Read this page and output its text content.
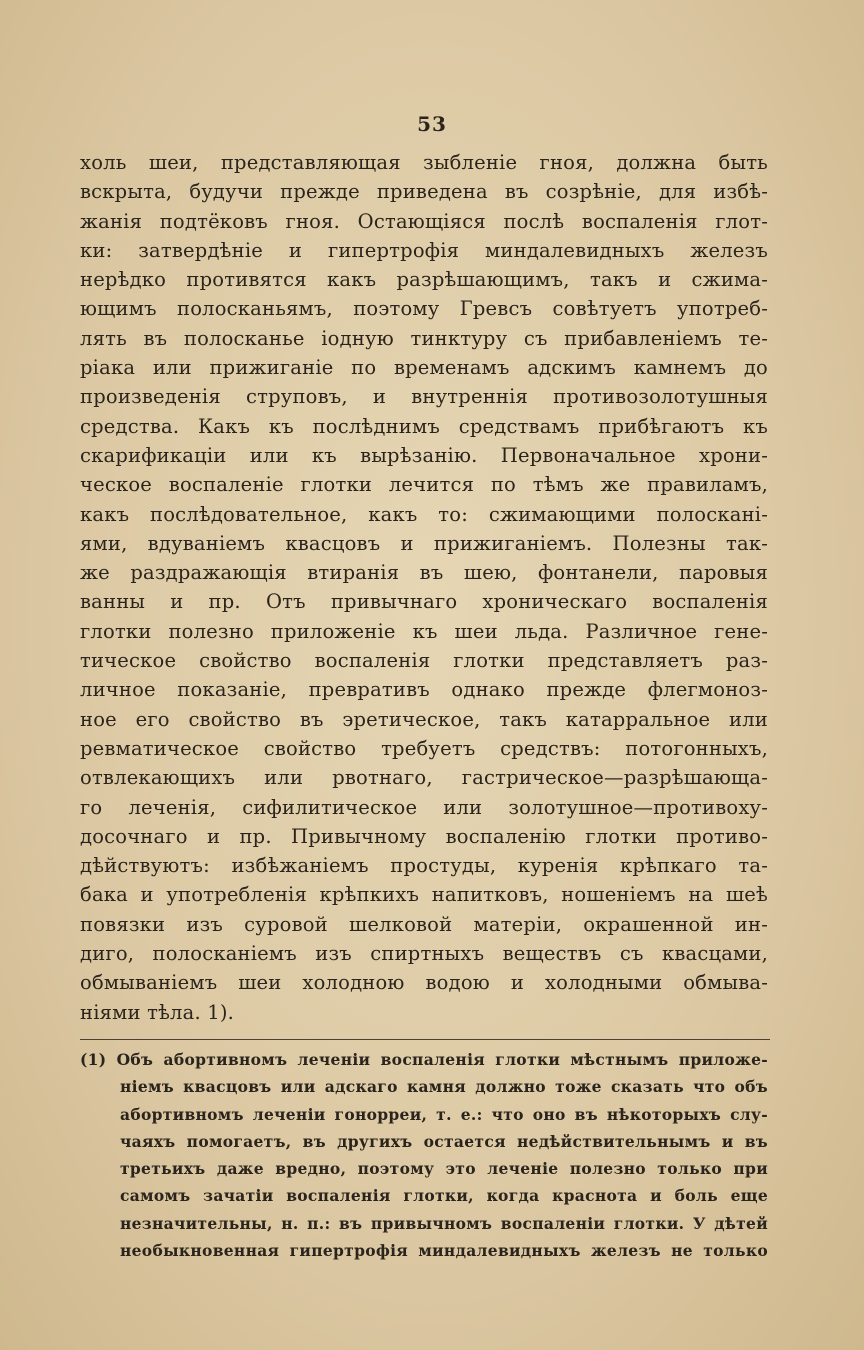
53
холь шеи, представляющая зыбленіе гноя, должна быть
вскрыта, будучи прежде приведена въ созрѣніе, для избѣ-
жанія подтёковъ гноя. Остающіяся послѣ воспаленія глот-
ки: затвердѣніе и гипертрофія миндалевидныхъ железъ
нерѣдко противятся какъ разрѣшающимъ, такъ и сжима-
ющимъ полосканьямъ, поэтому Гревсъ совѣтуетъ употреб-
лять въ полосканье іодную тинктуру съ прибавленіемъ те-
ріака или прижиганіе по временамъ адскимъ камнемъ до
произведенія струповъ, и внутреннія противозолотушныя
средства. Какъ къ послѣднимъ средствамъ прибѣгаютъ къ
скарификаціи или къ вырѣзанію. Первоначальное хрони-
ческое воспаленіе глотки лечится по тѣмъ же правиламъ,
какъ послѣдовательное, какъ то: сжимающими полоскані-
ями, вдуваніемъ квасцовъ и прижиганіемъ. Полезны так-
же раздражающія втиранія въ шею, фонтанели, паровыя
ванны и пр. Отъ привычнаго хроническаго воспаленія
глотки полезно приложеніе къ шеи льда. Различное гене-
тическое свойство воспаленія глотки представляетъ раз-
личное показаніе, превративъ однако прежде флегмоноз-
ное его свойство въ эретическое, такъ катарральное или
ревматическое свойство требуетъ средствъ: потогонныхъ,
отвлекающихъ или рвотнаго, гастрическое—разрѣшающа-
го леченія, сифилитическое или золотушное—противоху-
досочнаго и пр. Привычному воспаленію глотки противо-
дѣйствуютъ: избѣжаніемъ простуды, куренія крѣпкаго та-
бака и употребленія крѣпкихъ напитковъ, ношеніемъ на шеѣ
повязки изъ суровой шелковой матеріи, окрашенной ин-
диго, полосканіемъ изъ спиртныхъ веществъ съ квасцами,
обмываніемъ шеи холодною водою и холодными обмыва-
ніями тѣла. 1).
(1) Объ абортивномъ леченіи воспаленія глотки мѣстнымъ приложе-
ніемъ квасцовъ или адскаго камня должно тоже сказать что объ
абортивномъ леченіи гонорреи, т. е.: что оно въ нѣкоторыхъ слу-
чаяхъ помогаетъ, въ другихъ остается недѣйствительнымъ и въ
третьихъ даже вредно, поэтому это леченіе полезно только при
самомъ зачатіи воспаленія глотки, когда краснота и боль еще
незначительны, н. п.: въ привычномъ воспаленіи глотки. У дѣтей
необыкновенная гипертрофія миндалевидныхъ железъ не только
